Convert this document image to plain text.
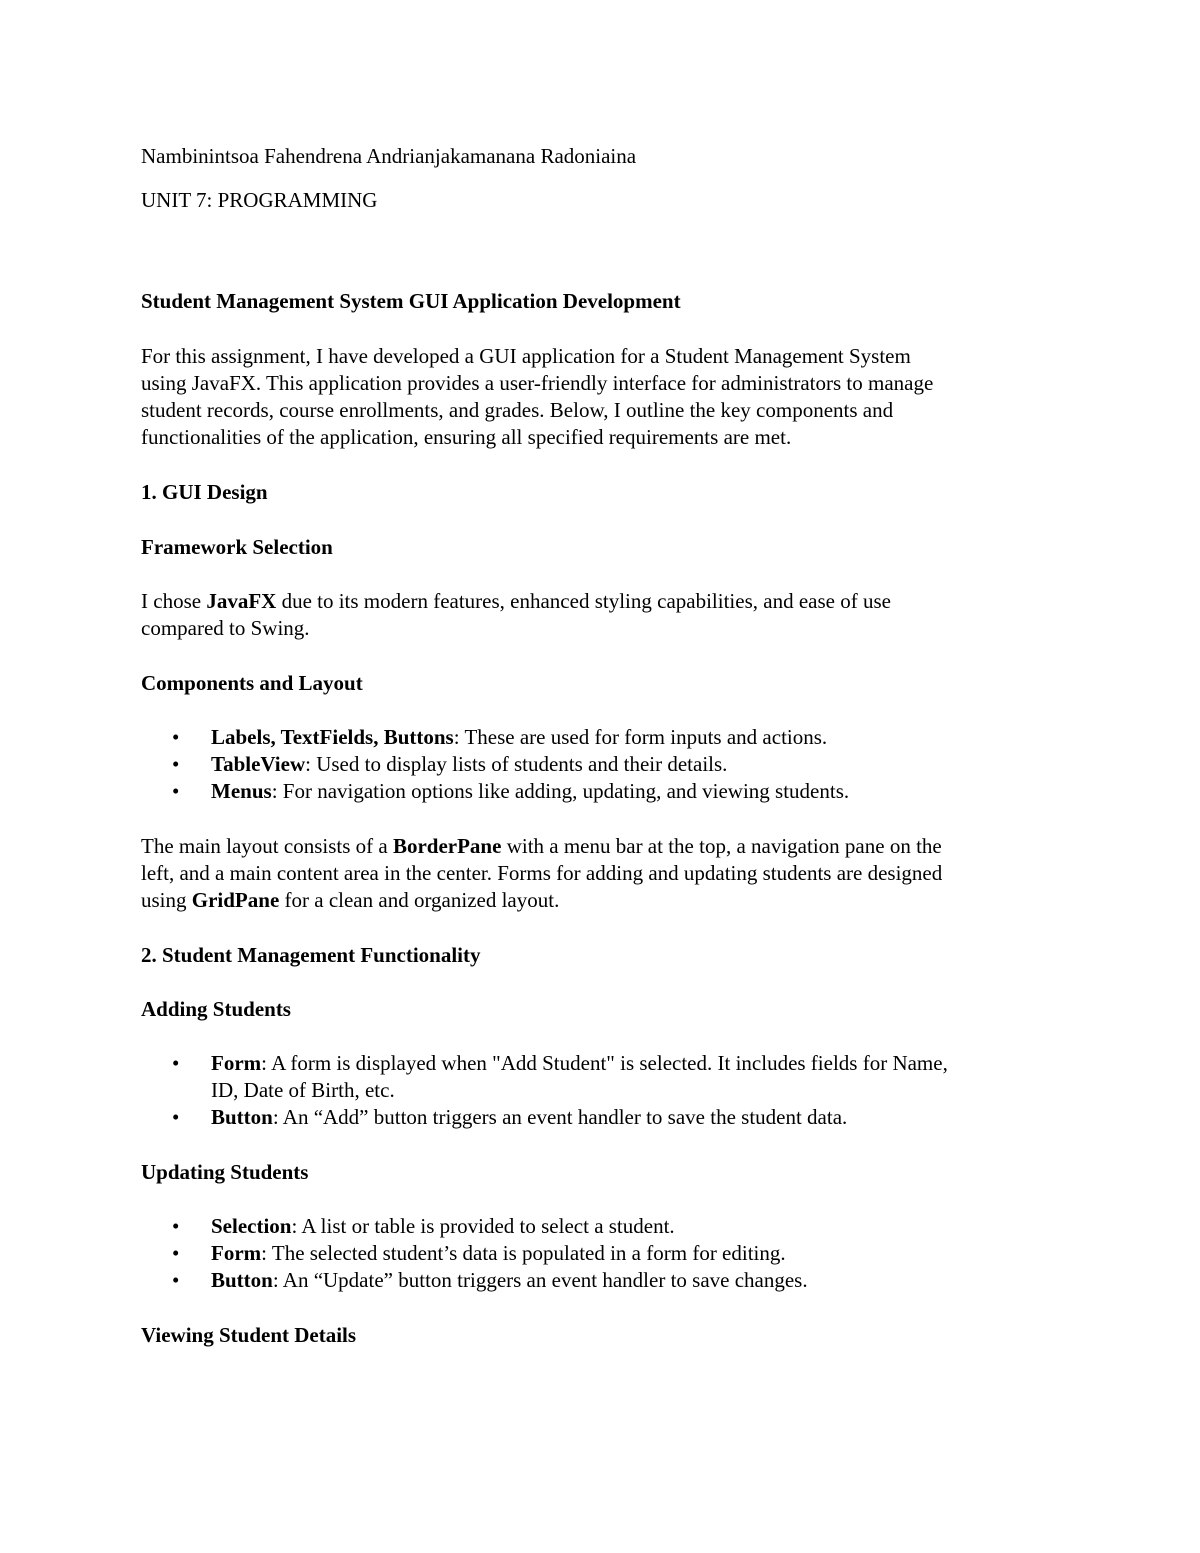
Nambinintsoa Fahendrena Andrianjakamanana Radoniaina
UNIT 7: PROGRAMMING
Student Management System GUI Application Development

For this assignment, I have developed a GUI application for a Student Management System

using JavaFX. This application provides a user-friendly interface for administrators to manage

student records, course enrollments, and grades. Below, I outline the key components and

functionalities of the application, ensuring all specified requirements are met.

1. GUI Design
Framework Selection

I chose JavaFX due to its modern features, enhanced styling capabilities, and ease of use

compared to Swing.

Components and Layout
• Labels, TextFields, Buttons: These are used for form inputs and actions.
• TableView: Used to display lists of students and their details.
• Menus: For navigation options like adding, updating, and viewing students.

The main layout consists of a BorderPane with a menu bar at the top, a navigation pane on the

left, and a main content area in the center. Forms for adding and updating students are designed

using GridPane for a clean and organized layout.

2. Student Management Functionality
Adding Students
• Form: A form is displayed when "Add Student" is selected. It includes fields for Name,
ID, Date of Birth, etc.
• Button: An “Add” button triggers an event handler to save the student data.
Updating Students
• Selection: A list or table is provided to select a student.
• Form: The selected student’s data is populated in a form for editing.
• Button: An “Update” button triggers an event handler to save changes.
Viewing Student Details
